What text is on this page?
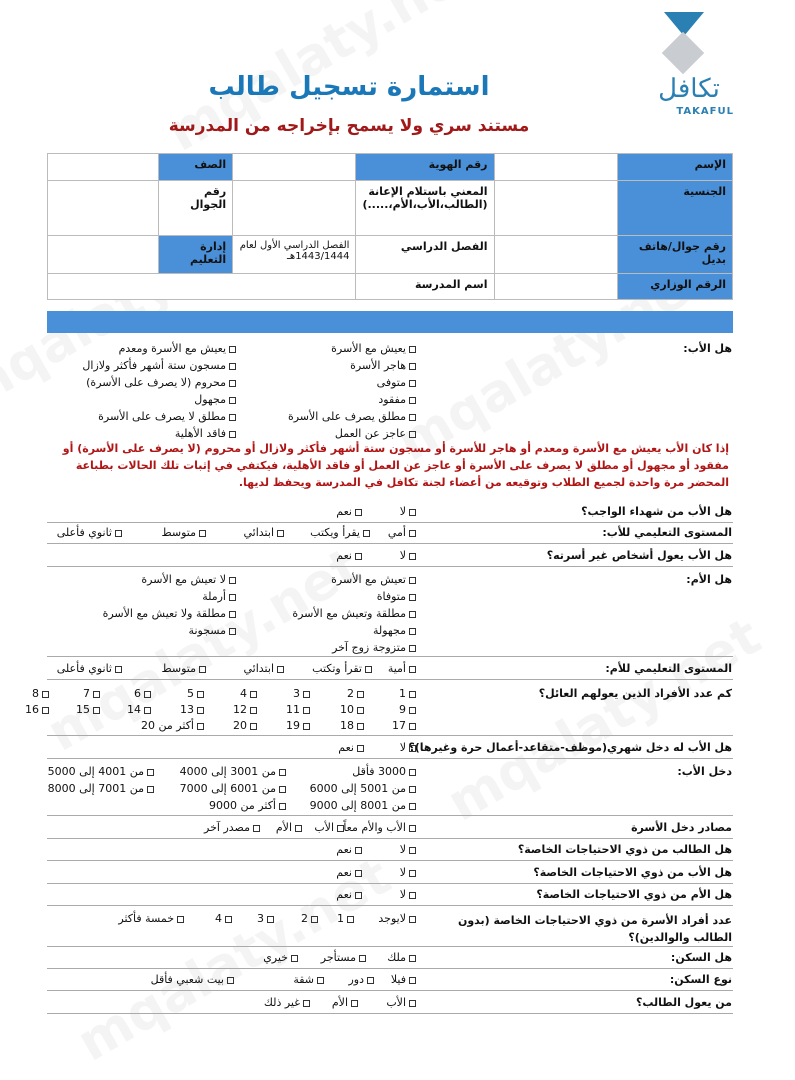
تكافل
TAKAFUL
استمارة تسجيل طالب
مستند سري ولا يسمح بإخراجه من المدرسة
الإسم		رقم الهوية		الصف	
الجنسية		المعني باستلام الإعانة (الطالب،الأب،الأم،.....)		رقم الجوال	
رقم جوال/هاتف بديل		الفصل الدراسي	الفصل الدراسي الأول لعام 1443/1444هـ	إدارة التعليم	
الرقم الوزاري		اسم المدرسة			
هل الأب:
إذا كان الأب يعيش مع الأسرة ومعدم أو هاجر للأسرة أو مسجون ستة أشهر فأكثر ولازال أو محروم (لا يصرف على الأسرة) أو مفقود أو مجهول أو مطلق لا يصرف على الأسرة أو عاجز عن العمل أو فاقد الأهلية، فيكتفي في إثبات تلك الحالات بطباعة المحضر مرة واحدة لجميع الطلاب وتوقيعه من أعضاء لجنة تكافل في المدرسة ويحفظ لديها.
يعيش مع الأسرة
هاجر الأسرة
متوفى
مفقود
مطلق يصرف على الأسرة
عاجز عن العمل
يعيش مع الأسرة ومعدم
مسجون ستة أشهر فأكثر ولازال
محروم (لا يصرف على الأسرة)
مجهول
مطلق لا يصرف على الأسرة
فاقد الأهلية
هل الأب من شهداء الواجب؟
لا
نعم
المستوى التعليمي للأب:
أمي
يقرأ ويكتب
ابتدائي
متوسط
ثانوي فأعلى
هل الأب يعول أشخاص غير أسرته؟
لا
نعم
هل الأم:
تعيش مع الأسرة
متوفاة
مطلقة وتعيش مع الأسرة
مجهولة
متزوجة زوج آخر
لا تعيش مع الأسرة
أرملة
مطلقة ولا تعيش مع الأسرة
مسجونة
المستوى التعليمي للأم:
أمية
تقرأ وتكتب
ابتدائي
متوسط
ثانوي فأعلى
كم عدد الأفراد الذين يعولهم العائل؟
1
2
3
4
5
6
7
8
9
10
11
12
13
14
15
16
17
18
19
20
أكثر من 20
هل الأب له دخل شهري(موظف-متقاعد-أعمال حرة وغيرها)؟
لا
نعم
دخل الأب:
3000 فأقل
من 3001 إلى 4000
من 4001 إلى 5000
من 5001 إلى 6000
من 6001 إلى 7000
من 7001 إلى 8000
من 8001 إلى 9000
أكثر من 9000
مصادر دخل الأسرة
الأب والأم معاً
الأب
الأم
مصدر آخر
هل الطالب من ذوي الاحتياجات الخاصة؟
لا
نعم
هل الأب من ذوي الاحتياجات الخاصة؟
لا
نعم
هل الأم من ذوي الاحتياجات الخاصة؟
لا
نعم
عدد أفراد الأسرة من ذوي الاحتياجات الخاصة (بدون الطالب والوالدين)؟
لايوجد
1
2
3
4
خمسة فأكثر
هل السكن:
ملك
مستأجر
خيري
نوع السكن:
فيلا
دور
شقة
بيت شعبي فأقل
من يعول الطالب؟
الأب
الأم
غير ذلك
